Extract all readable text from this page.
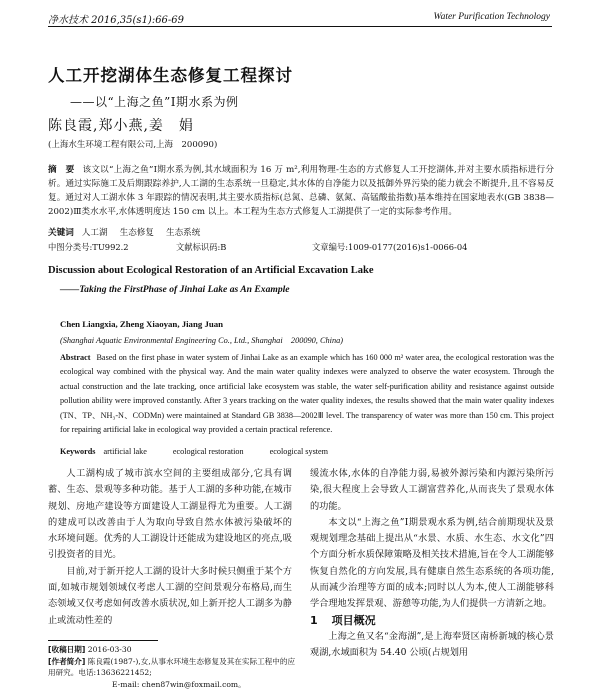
净水技术 2016,35(s1):66-69	Water Purification Technology
人工开挖湖体生态修复工程探讨
——以“上海之鱼”Ⅰ期水系为例
陈良霞,郑小燕,姜　娟
(上海水生环境工程有限公司,上海　200090)
摘　要 该文以“上海之鱼”Ⅰ期水系为例,其水域面积为 16 万 m²,利用物理-生态的方式修复人工开挖湖体,并对主要水质指标进行分析。通过实际施工及后期跟踪养护,人工湖的生态系统一旦稳定,其水体的自净能力以及抵御外界污染的能力就会不断提升,且不容易反复。通过对人工湖水体 3 年跟踪的情况表明,其主要水质指标(总氮、总磷、氨氮、高锰酸盐指数)基本维持在国家地表水(GB 3838—2002)Ⅲ类水水平,水体透明度达 150 cm 以上。本工程为生态方式修复人工湖提供了一定的实际参考作用。
关键词 人工湖 生态修复 生态系统
中图分类号:TU992.2	文献标识码:B	文章编号:1009-0177(2016)s1-0066-04
Discussion about Ecological Restoration of an Artificial Excavation Lake
——Taking the FirstPhase of Jinhai Lake as An Example
Chen Liangxia, Zheng Xiaoyan, Jiang Juan
(Shanghai Aquatic Environmental Engineering Co., Ltd., Shanghai　200090, China)
Abstract Based on the first phase in water system of Jinhai Lake as an example which has 160 000 m² water area, the ecological restoration was the ecological way combined with the physical way. And the main water quality indexes were analyzed to observe the water ecosystem. Through the actual construction and the late tracking, once artificial lake ecosystem was stable, the water self-purification ability and resistance against outside pollution ability were improved constantly. After 3 years tracking on the water quality indexes, the results showed that the main water quality indexes (TN、TP、NH₃-N、CODMn) were maintained at Standard GB 3838—2002Ⅲ level. The transparency of water was more than 150 cm. This project for repairing artificial lake in ecological way provided a certain practical reference.
Keywords artificial lake	ecological restoration	ecological system

人工湖构成了城市滨水空间的主要组成部分,它具有调蓄、生态、景观等多种功能。基于人工湖的多种功能,在城市规划、房地产建设等方面建设人工湖显得尤为重要。人工湖的建成可以改善由于人为取向导致自然水体被污染破坏的　水环境问题。优秀的人工湖设计还能成为建设地区的亮点,吸引投资者的目光。

目前,对于新开挖人工湖的设计大多时候只侧重于某个方面,如城市规划领域仅考虑人工湖的空间景观分布格局,而生态领域又仅考虑如何改善水质状况,如上新开挖人工湖多为静止或流动性差的

缓流水体,水体的自净能力弱,易被外源污染和内源污染所污染,很大程度上会导致人工湖富营养化,从而丧失了景观水体的功能。

本文以“上海之鱼”Ⅰ期景观水系为例,结合前期现状及景观规划理念基础上提出从“水景、水质、水生态、水文化”四个方面分析水质保障策略及相关技术措施,旨在令人工湖能够恢复自然化的方向发展,具有健康自然生态系统的各项功能,从而减少治理等方面的成本;同时以人为本,使人工湖能够科学合理地发挥景观、游憩等功能,为人们提供一方清新之地。

1 项目概况

上海之鱼又名“金海湖”,是上海奉贤区南桥新城的核心景观湖,水域面积为 54.40 公顷(占规划用

[收稿日期] 2016-03-30
[作者简介] 陈良霞(1987-),女,从事水环境生态修复及其在实际工程中的应用研究。电话:13636221452;
E-mail: chen87win@foxmail.com。
